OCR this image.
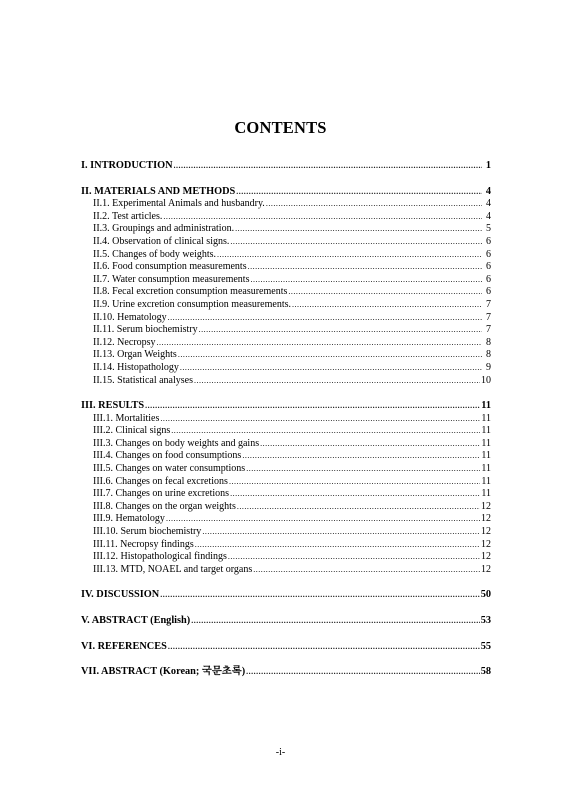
CONTENTS
I. INTRODUCTION .....	1
II. MATERIALS AND METHODS .....	4
II.1. Experimental Animals and husbandry. .....	4
II.2. Test articles. .....	4
II.3. Groupings and administration. .....	5
II.4. Observation of clinical signs. .....	6
II.5. Changes of body weights. .....	6
II.6. Food consumption measurements .....	6
II.7. Water consumption measurements .....	6
II.8. Fecal excretion consumption measurements .....	6
II.9. Urine excretion consumption measurements. .....	7
II.10. Hematology .....	7
II.11. Serum biochemistry .....	7
II.12. Necropsy .....	8
II.13. Organ Weights .....	8
II.14. Histopathology .....	9
II.15. Statistical analyses .....	10
III. RESULTS .....	11
III.1. Mortalities .....	11
III.2. Clinical signs .....	11
III.3. Changes on body weights and gains .....	11
III.4. Changes on food consumptions .....	11
III.5. Changes on water consumptions .....	11
III.6. Changes on fecal excretions .....	11
III.7. Changes on urine excretions .....	11
III.8. Changes on the organ weights .....	12
III.9. Hematology .....	12
III.10. Serum biochemistry .....	12
III.11. Necropsy findings .....	12
III.12. Histopathological findings .....	12
III.13. MTD, NOAEL and target organs .....	12
IV. DISCUSSION .....	50
V. ABSTRACT (English) .....	53
VI. REFERENCES .....	55
VII. ABSTRACT (Korean; 국문초록) .....	58
-i-
